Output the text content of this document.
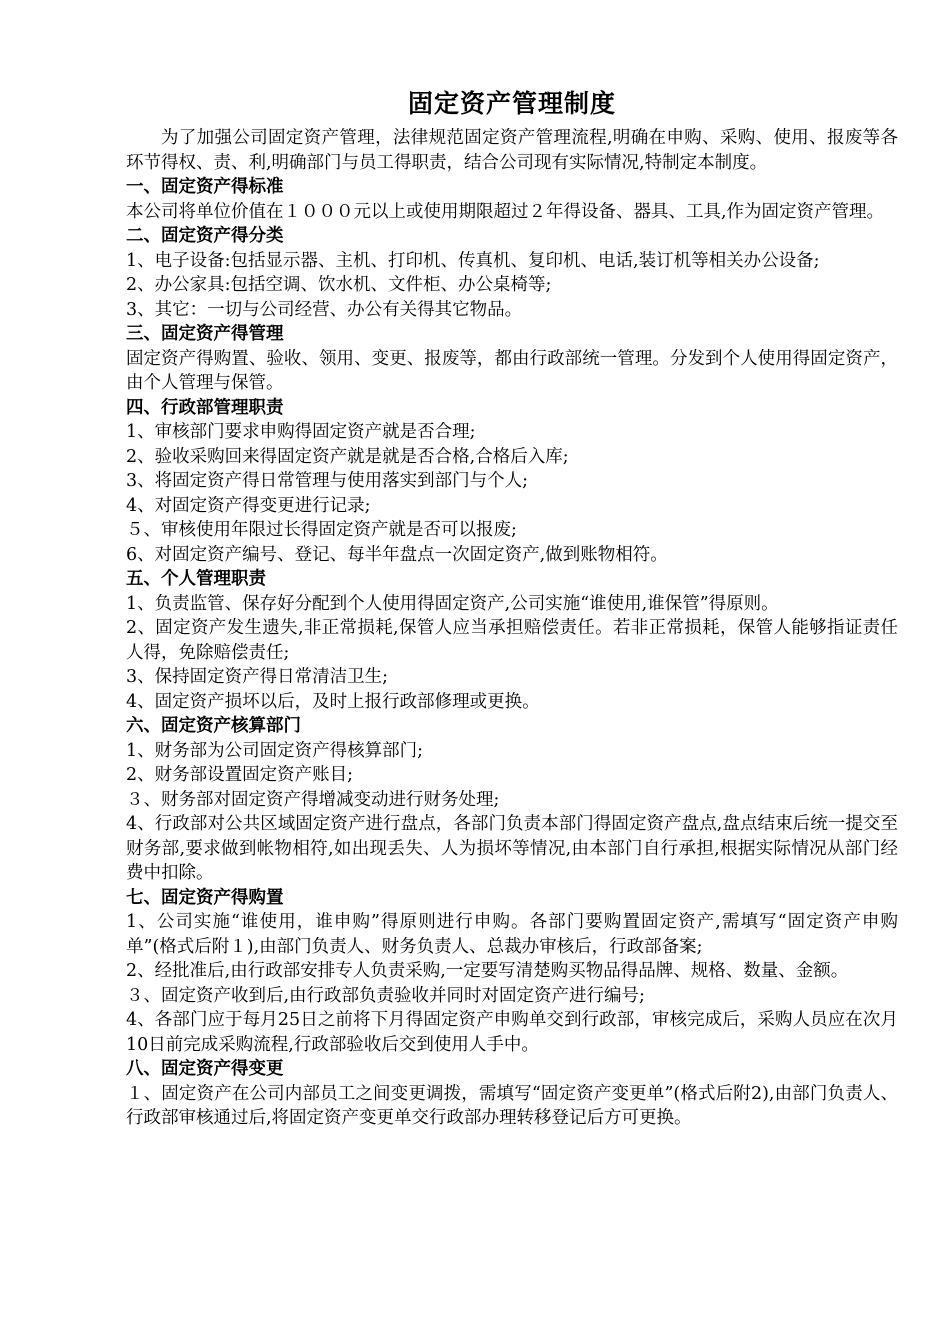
固定资产管理制度

为了加强公司固定资产管理，法律规范固定资产管理流程,明确在申购、采购、使用、报废等各环节得权、责、利,明确部门与员工得职责，结合公司现有实际情况,特制定本制度。

一、固定资产得标准

本公司将单位价值在１０００元以上或使用期限超过２年得设备、器具、工具,作为固定资产管理。

二、固定资产得分类

1、电子设备:包括显示器、主机、打印机、传真机、复印机、电话,装订机等相关办公设备;

2、办公家具:包括空调、饮水机、文件柜、办公桌椅等;

3、其它：一切与公司经营、办公有关得其它物品。

三、固定资产得管理

固定资产得购置、验收、领用、变更、报废等，都由行政部统一管理。分发到个人使用得固定资产，由个人管理与保管。

四、行政部管理职责

1、审核部门要求申购得固定资产就是否合理;

2、验收采购回来得固定资产就是就是否合格,合格后入库;

3、将固定资产得日常管理与使用落实到部门与个人;

4、对固定资产得变更进行记录;

５、审核使用年限过长得固定资产就是否可以报废;

6、对固定资产编号、登记、每半年盘点一次固定资产,做到账物相符。

五、个人管理职责

1、负责监管、保存好分配到个人使用得固定资产,公司实施“谁使用,谁保管”得原则。

2、固定资产发生遗失,非正常损耗,保管人应当承担赔偿责任。若非正常损耗，保管人能够指证责任人得，免除赔偿责任;

3、保持固定资产得日常清洁卫生;

4、固定资产损坏以后，及时上报行政部修理或更换。

六、固定资产核算部门

1、财务部为公司固定资产得核算部门;

2、财务部设置固定资产账目;

３、财务部对固定资产得增减变动进行财务处理;

4、行政部对公共区域固定资产进行盘点，各部门负责本部门得固定资产盘点,盘点结束后统一提交至财务部,要求做到帐物相符,如出现丢失、人为损坏等情况,由本部门自行承担,根据实际情况从部门经费中扣除。

七、固定资产得购置

1、公司实施“谁使用，谁申购”得原则进行申购。各部门要购置固定资产,需填写“固定资产申购单”(格式后附１),由部门负责人、财务负责人、总裁办审核后，行政部备案;

2、经批准后,由行政部安排专人负责采购,一定要写清楚购买物品得品牌、规格、数量、金额。

３、固定资产收到后,由行政部负责验收并同时对固定资产进行编号;

4、各部门应于每月25日之前将下月得固定资产申购单交到行政部，审核完成后，采购人员应在次月10日前完成采购流程,行政部验收后交到使用人手中。

八、固定资产得变更

１、固定资产在公司内部员工之间变更调拨，需填写“固定资产变更单”(格式后附2),由部门负责人、行政部审核通过后,将固定资产变更单交行政部办理转移登记后方可更换。
